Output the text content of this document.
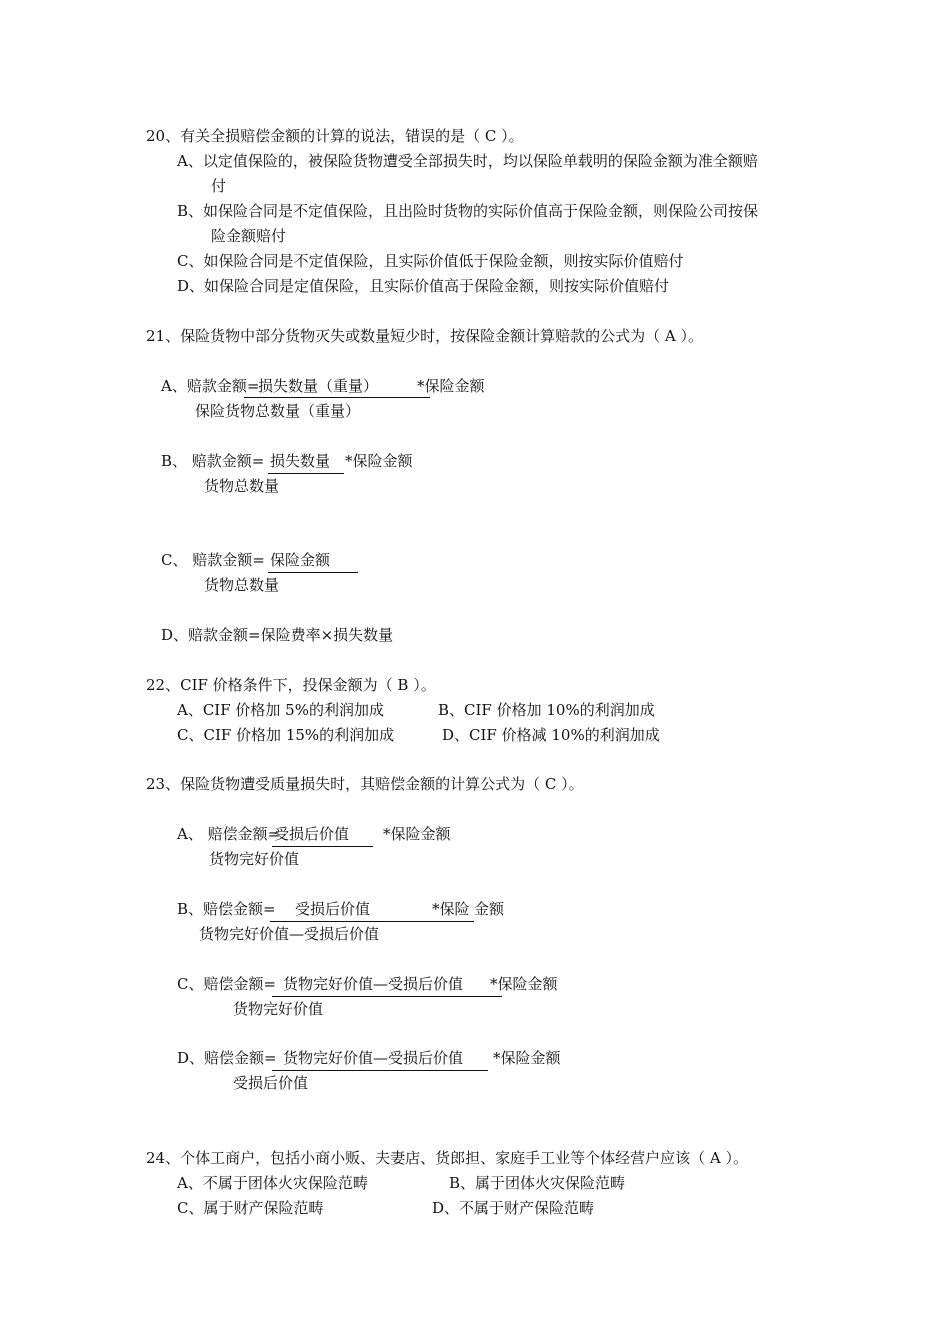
20、有关全损赔偿金额的计算的说法，错误的是（ C ）。
A、以定值保险的，被保险货物遭受全部损失时，均以保险单载明的保险金额为准全额赔
付
B、如保险合同是不定值保险，且出险时货物的实际价值高于保险金额，则保险公司按保
险金额赔付
C、如保险合同是不定值保险，且实际价值低于保险金额，则按实际价值赔付
D、如保险合同是定值保险，且实际价值高于保险金额，则按实际价值赔付
21、保险货物中部分货物灭失或数量短少时，按保险金额计算赔款的公式为（ A ）。
A、赔款金额=
损失数量（重量）	*保险金额
保险货物总数量（重量）
B、 赔款金额= 损失数量 *保险金额
货物总数量
C、 赔款金额= 保险金额
货物总数量
D、赔款金额=保险费率×损失数量
22、CIF 价格条件下，投保金额为（ B ）。
A、CIF 价格加 5%的利润加成	B、CIF 价格加 10%的利润加成
C、CIF 价格加 15%的利润加成	D、CIF 价格减 10%的利润加成
23、保险货物遭受质量损失时，其赔偿金额的计算公式为（ C ）。
A、 赔偿金额=
受损后价值 *保险金额
货物完好价值
B、赔偿金额= 受损后价值	*保险 金额
货物完好价值—受损后价值
C、赔偿金额= 货物完好价值—受损后价值 *保险金额
货物完好价值
D、赔偿金额= 货物完好价值—受损后价值 *保险金额
受损后价值
24、个体工商户，包括小商小贩、夫妻店、货郎担、家庭手工业等个体经营户应该（ A ）。
A、不属于团体火灾保险范畴	B、属于团体火灾保险范畴
C、属于财产保险范畴	D、不属于财产保险范畴
